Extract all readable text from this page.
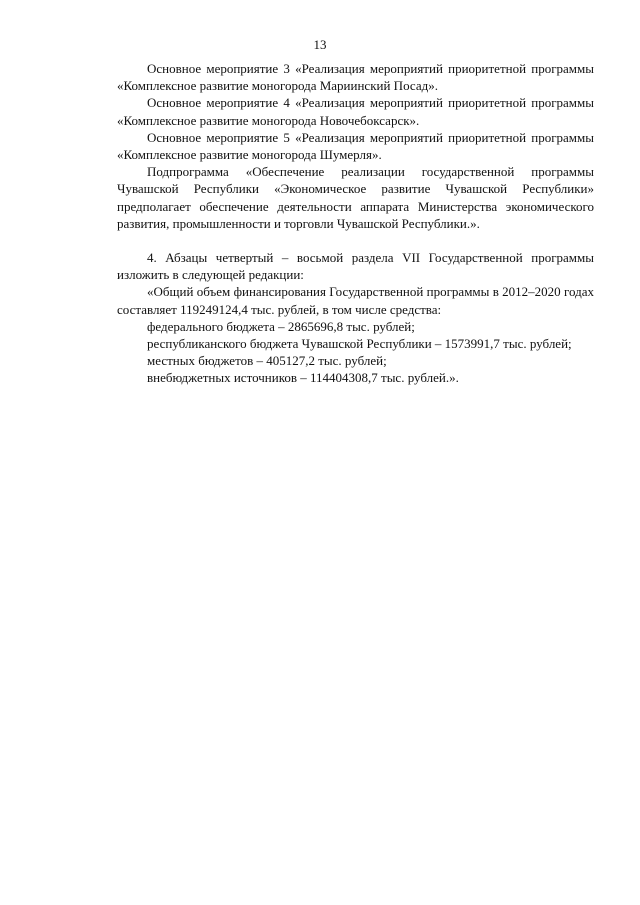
13

Основное мероприятие 3 «Реализация мероприятий приоритетной программы «Комплексное развитие моногорода Мариинский Посад».

Основное мероприятие 4 «Реализация мероприятий приоритетной программы «Комплексное развитие моногорода Новочебоксарск».

Основное мероприятие 5 «Реализация мероприятий приоритетной программы «Комплексное развитие моногорода Шумерля».

Подпрограмма «Обеспечение реализации государственной программы Чувашской Республики «Экономическое развитие Чувашской Республики» предполагает обеспечение деятельности аппарата Министерства экономического развития, промышленности и торговли Чувашской Республики.».

4. Абзацы четвертый – восьмой раздела VII Государственной программы изложить в следующей редакции:

«Общий объем финансирования Государственной программы в 2012–2020 годах составляет 119249124,4 тыс. рублей, в том числе средства:

федерального бюджета – 2865696,8 тыс. рублей;

республиканского бюджета Чувашской Республики – 1573991,7 тыс. рублей;

местных бюджетов – 405127,2 тыс. рублей;

внебюджетных источников – 114404308,7 тыс. рублей.».
